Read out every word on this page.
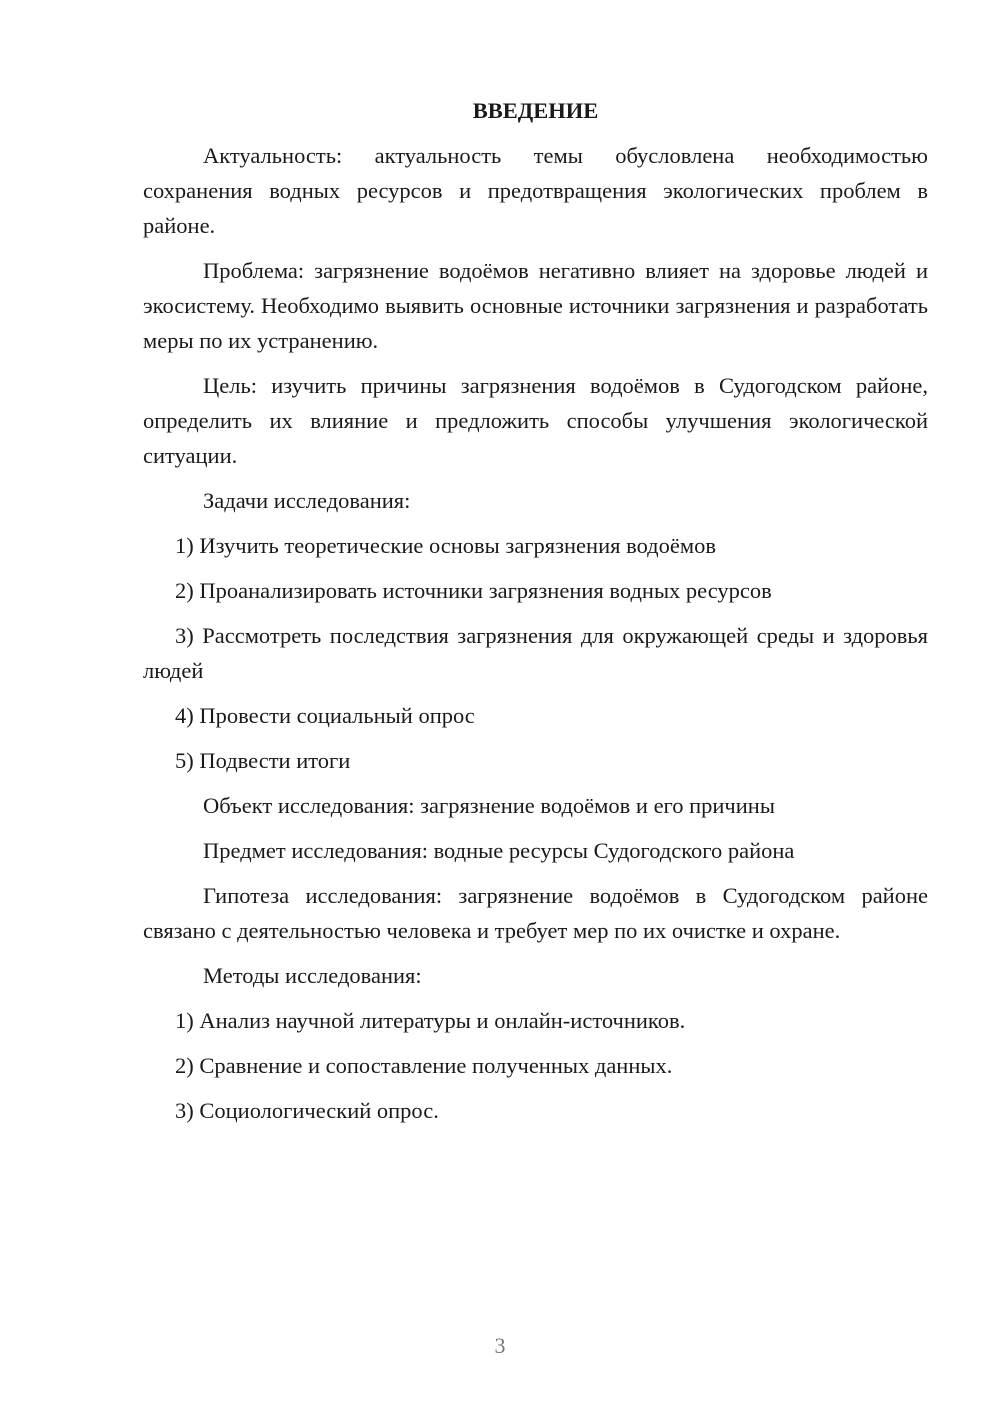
ВВЕДЕНИЕ

Актуальность: актуальность темы обусловлена необходимостью сохранения водных ресурсов и предотвращения экологических проблем в районе.

Проблема: загрязнение водоёмов негативно влияет на здоровье людей и экосистему. Необходимо выявить основные источники загрязнения и разработать меры по их устранению.

Цель: изучить причины загрязнения водоёмов в Судогодском районе, определить их влияние и предложить способы улучшения экологической ситуации.

Задачи исследования:

1) Изучить теоретические основы загрязнения водоёмов

2) Проанализировать источники загрязнения водных ресурсов

3) Рассмотреть последствия загрязнения для окружающей среды и здоровья людей

4) Провести социальный опрос

5) Подвести итоги

Объект исследования: загрязнение водоёмов и его причины

Предмет исследования: водные ресурсы Судогодского района

Гипотеза исследования: загрязнение водоёмов в Судогодском районе связано с деятельностью человека и требует мер по их очистке и охране.

Методы исследования:

1) Анализ научной литературы и онлайн-источников.

2) Сравнение и сопоставление полученных данных.

3) Социологический опрос.

3
